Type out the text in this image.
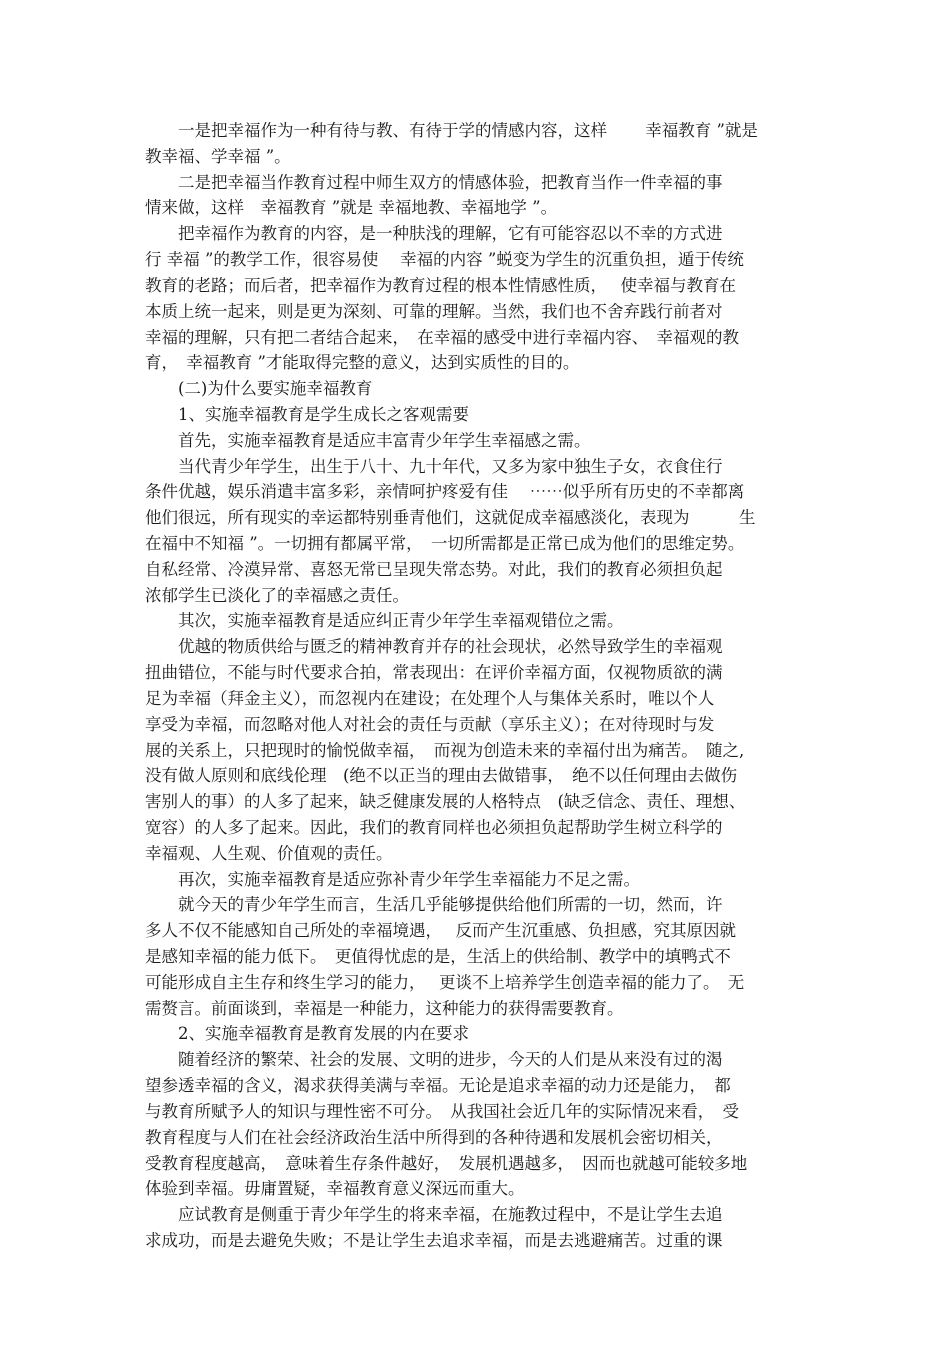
　　一是把幸福作为一种有待与教、有待于学的情感内容，这样　　 幸福教育 ”就是
教幸福、学幸福 ”。
　　二是把幸福当作教育过程中师生双方的情感体验，把教育当作一件幸福的事
情来做，这样　幸福教育 ”就是 幸福地教、幸福地学 ”。
　　把幸福作为教育的内容，是一种肤浅的理解，它有可能容忍以不幸的方式进
行 幸福 ”的教学工作，很容易使　 幸福的内容 ”蜕变为学生的沉重负担，遁于传统
教育的老路；而后者，把幸福作为教育过程的根本性情感性质，　 使幸福与教育在
本质上统一起来，则是更为深刻、可靠的理解。当然，我们也不舍弃践行前者对
幸福的理解，只有把二者结合起来，　在幸福的感受中进行幸福内容、　幸福观的教
育，　幸福教育 ”才能取得完整的意义，达到实质性的目的。
　　(二)为什么要实施幸福教育
　　1、实施幸福教育是学生成长之客观需要
　　首先，实施幸福教育是适应丰富青少年学生幸福感之需。
　　当代青少年学生，出生于八十、九十年代，又多为家中独生子女，衣食住行
条件优越，娱乐消遣丰富多彩，亲情呵护疼爱有佳　 ⋯⋯似乎所有历史的不幸都离
他们很远，所有现实的幸运都特别垂青他们，这就促成幸福感淡化，表现为　　　生
在福中不知福 ”。一切拥有都属平常，　一切所需都是正常已成为他们的思维定势。
自私经常、冷漠异常、喜怒无常已呈现失常态势。对此，我们的教育必须担负起
浓郁学生已淡化了的幸福感之责任。
　　其次，实施幸福教育是适应纠正青少年学生幸福观错位之需。
　　优越的物质供给与匮乏的精神教育并存的社会现状，必然导致学生的幸福观
扭曲错位，不能与时代要求合拍，常表现出：在评价幸福方面，仅视物质欲的满
足为幸福（拜金主义），而忽视内在建设；在处理个人与集体关系时，唯以个人
享受为幸福，而忽略对他人对社会的责任与贡献（享乐主义）；在对待现时与发
展的关系上，只把现时的愉悦做幸福，　而视为创造未来的幸福付出为痛苦。　随之,
没有做人原则和底线伦理　(绝不以正当的理由去做错事，　绝不以任何理由去做伤
害别人的事）的人多了起来，缺乏健康发展的人格特点　(缺乏信念、责任、理想、
宽容）的人多了起来。因此，我们的教育同样也必须担负起帮助学生树立科学的
幸福观、人生观、价值观的责任。
　　再次，实施幸福教育是适应弥补青少年学生幸福能力不足之需。
　　就今天的青少年学生而言，生活几乎能够提供给他们所需的一切，然而，许
多人不仅不能感知自己所处的幸福境遇，　 反而产生沉重感、负担感，究其原因就
是感知幸福的能力低下。　更值得忧虑的是，生活上的供给制、教学中的填鸭式不
可能形成自主生存和终生学习的能力，　 更谈不上培养学生创造幸福的能力了。　无
需赘言。前面谈到，幸福是一种能力，这种能力的获得需要教育。
　　2、实施幸福教育是教育发展的内在要求
　　随着经济的繁荣、社会的发展、文明的进步，今天的人们是从来没有过的渴
望参透幸福的含义，渴求获得美满与幸福。无论是追求幸福的动力还是能力，　都
与教育所赋予人的知识与理性密不可分。　从我国社会近几年的实际情况来看，　受
教育程度与人们在社会经济政治生活中所得到的各种待遇和发展机会密切相关，
受教育程度越高，　意味着生存条件越好，　发展机遇越多，　因而也就越可能较多地
体验到幸福。毋庸置疑，幸福教育意义深远而重大。
　　应试教育是侧重于青少年学生的将来幸福，在施教过程中，不是让学生去追
求成功，而是去避免失败；不是让学生去追求幸福，而是去逃避痛苦。过重的课
